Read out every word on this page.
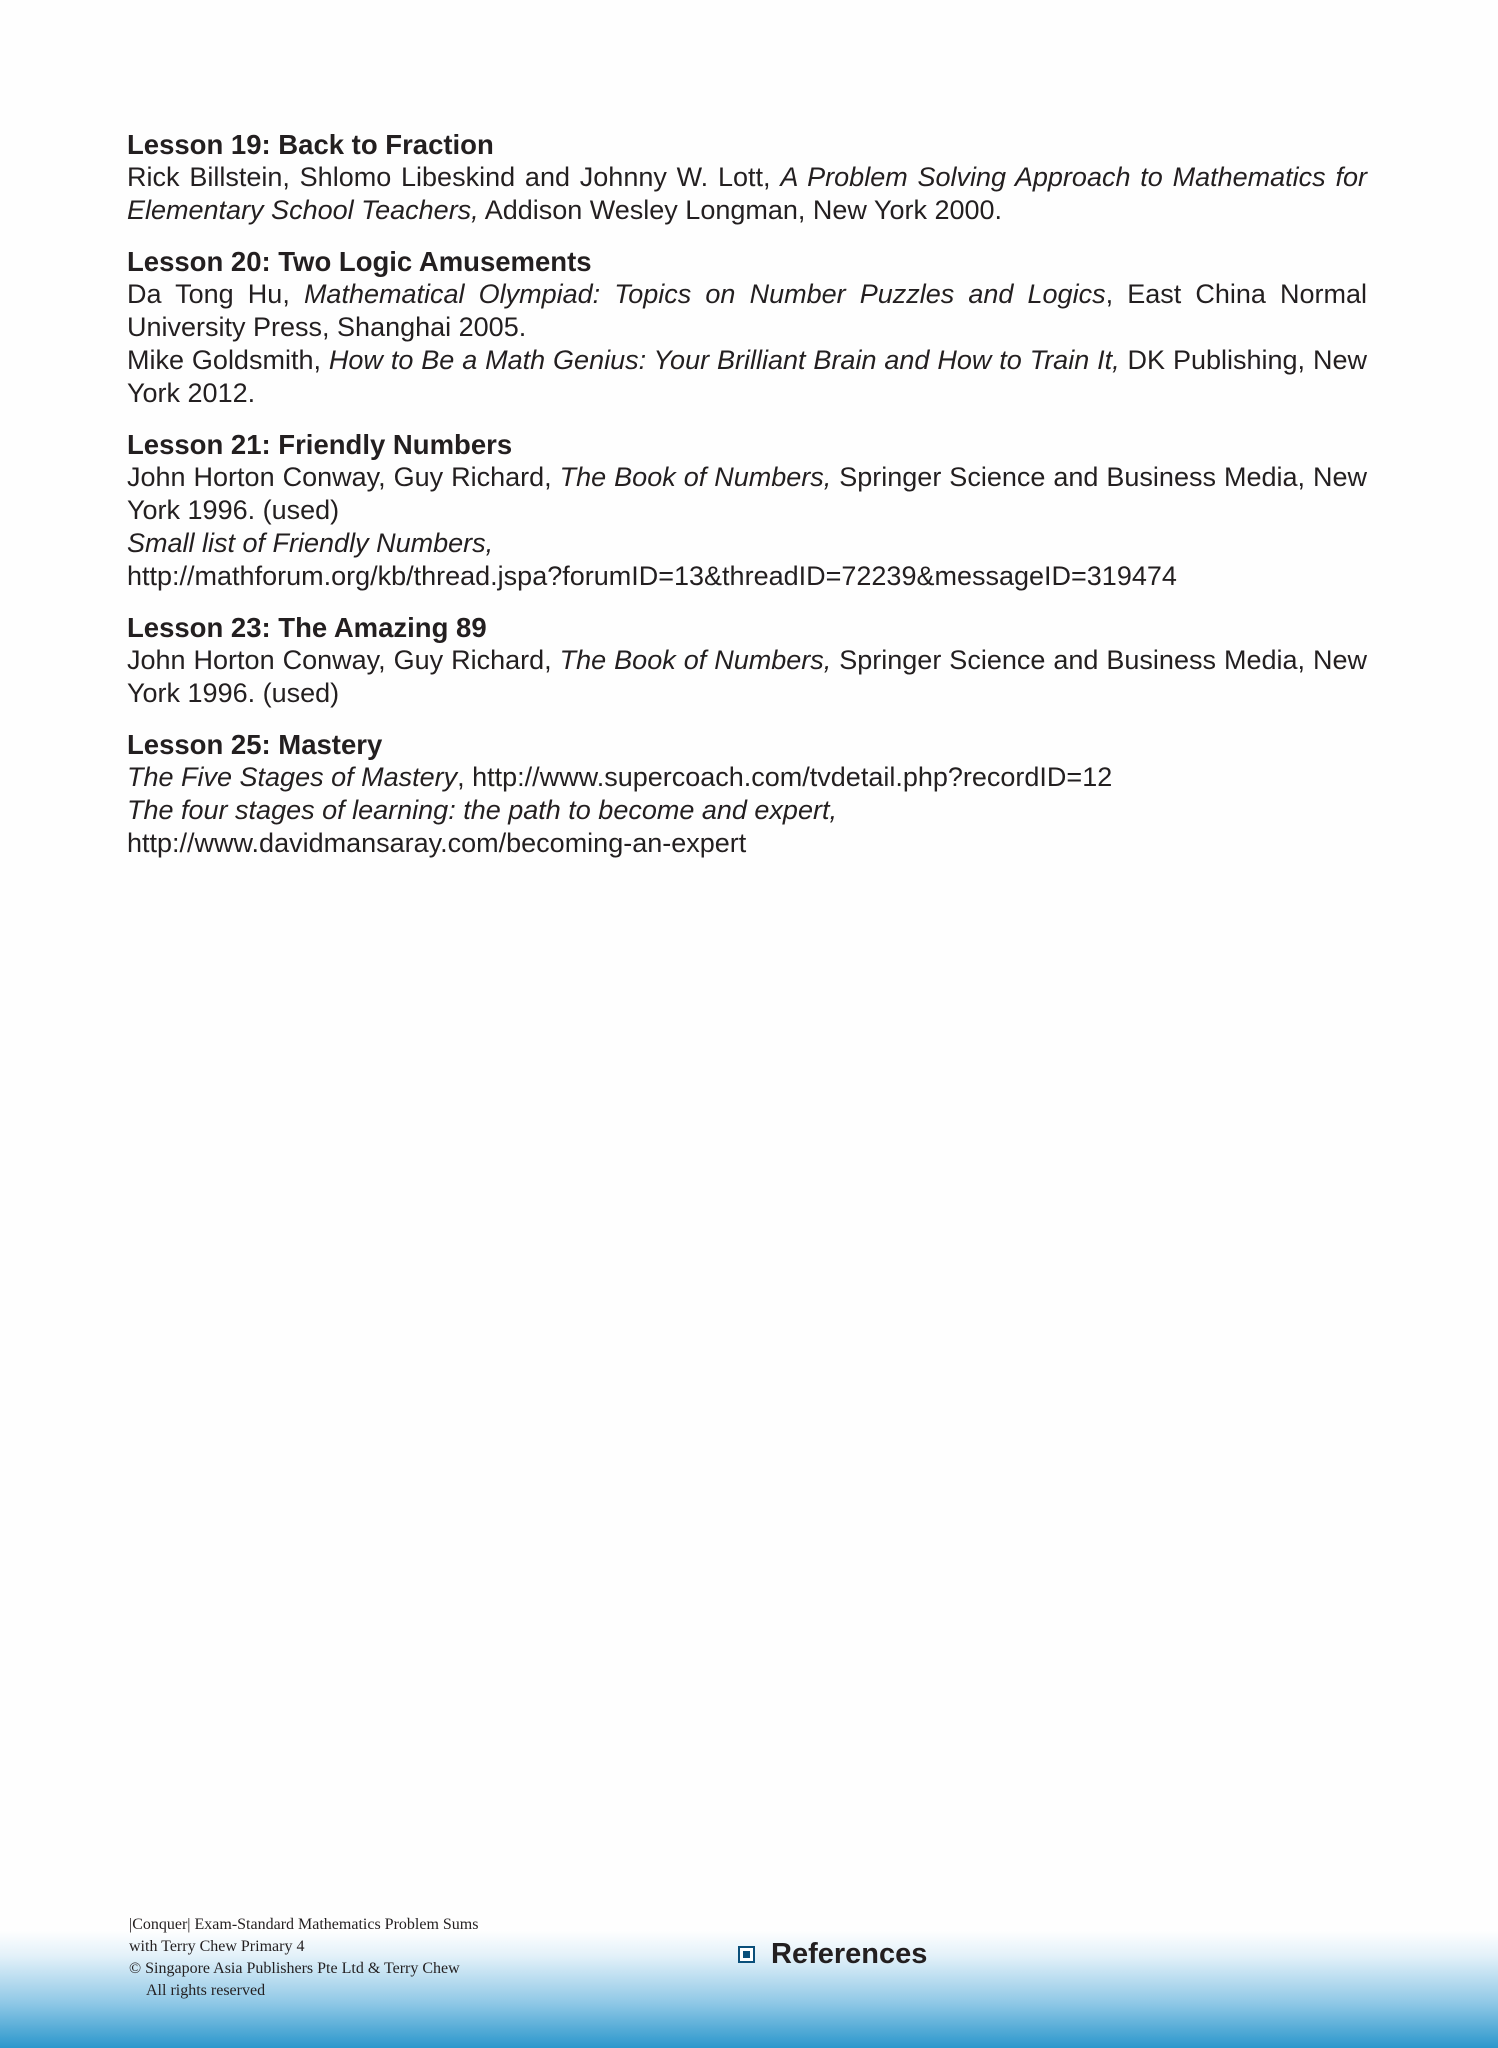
Lesson 19: Back to Fraction
Rick Billstein, Shlomo Libeskind and Johnny W. Lott, A Problem Solving Approach to Mathematics for Elementary School Teachers, Addison Wesley Longman, New York 2000.
Lesson 20: Two Logic Amusements
Da Tong Hu, Mathematical Olympiad: Topics on Number Puzzles and Logics, East China Normal University Press, Shanghai 2005.
Mike Goldsmith, How to Be a Math Genius: Your Brilliant Brain and How to Train It, DK Publishing, New York 2012.
Lesson 21: Friendly Numbers
John Horton Conway, Guy Richard, The Book of Numbers, Springer Science and Business Media, New York 1996. (used)
Small list of Friendly Numbers,
http://mathforum.org/kb/thread.jspa?forumID=13&threadID=72239&messageID=319474
Lesson 23: The Amazing 89
John Horton Conway, Guy Richard, The Book of Numbers, Springer Science and Business Media, New York 1996. (used)
Lesson 25: Mastery
The Five Stages of Mastery, http://www.supercoach.com/tvdetail.php?recordID=12
The four stages of learning: the path to become and expert,
http://www.davidmansaray.com/becoming-an-expert
|Conquer| Exam-Standard Mathematics Problem Sums
with Terry Chew Primary 4
© Singapore Asia Publishers Pte Ltd & Terry Chew
All rights reserved
References
